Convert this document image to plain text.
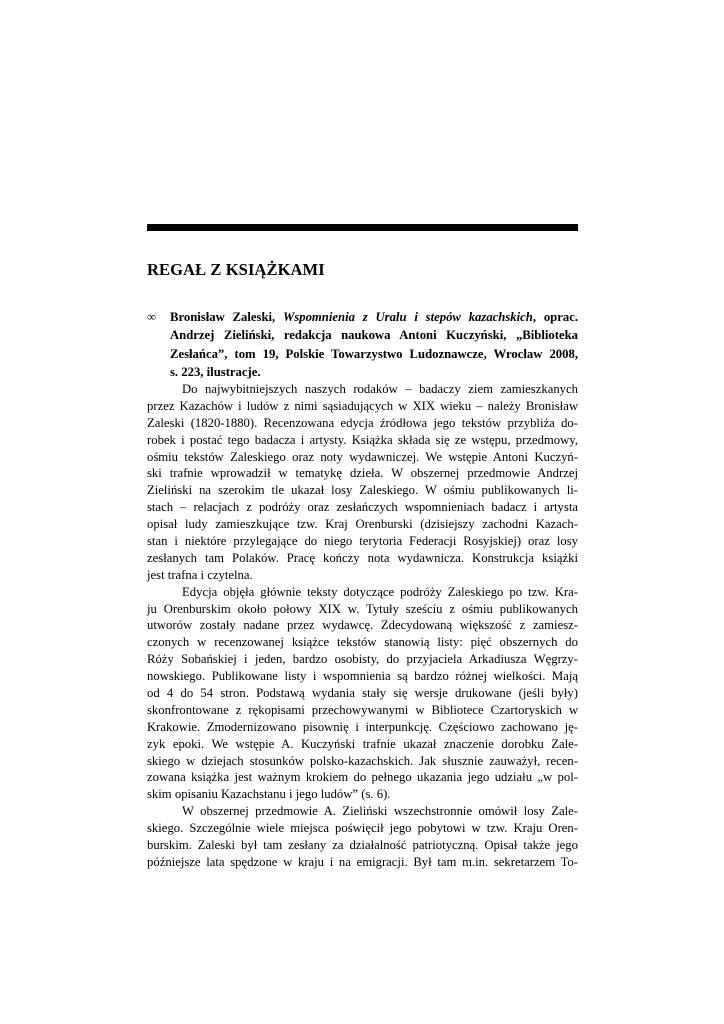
REGAŁ Z KSIĄŻKAMI
∞ Bronisław Zaleski, Wspomnienia z Uralu i stepów kazachskich, oprac.
Andrzej Zieliński, redakcja naukowa Antoni Kuczyński, „Biblioteka
Zesłańca”, tom 19, Polskie Towarzystwo Ludoznawcze, Wrocław 2008,
s. 223, ilustracje.
Do najwybitniejszych naszych rodaków – badaczy ziem zamieszkanych
przez Kazachów i ludów z nimi sąsiadujących w XIX wieku – należy Bronisław
Zaleski (1820-1880). Recenzowana edycja źródłowa jego tekstów przybliża do-
robek i postać tego badacza i artysty. Książka składa się ze wstępu, przedmowy,
ośmiu tekstów Zaleskiego oraz noty wydawniczej. We wstępie Antoni Kuczyń-
ski trafnie wprowadził w tematykę dzieła. W obszernej przedmowie Andrzej
Zieliński na szerokim tle ukazał losy Zaleskiego. W ośmiu publikowanych li-
stach – relacjach z podróży oraz zesłańczych wspomnieniach badacz i artysta
opisał ludy zamieszkujące tzw. Kraj Orenburski (dzisiejszy zachodni Kazach-
stan i niektóre przylegające do niego terytoria Federacji Rosyjskiej) oraz losy
zesłanych tam Polaków. Pracę kończy nota wydawnicza. Konstrukcja książki
jest trafna i czytelna.
Edycja objęła głównie teksty dotyczące podróży Zaleskiego po tzw. Kra-
ju Orenburskim około połowy XIX w. Tytuły sześciu z ośmiu publikowanych
utworów zostały nadane przez wydawcę. Zdecydowaną większość z zamiesz-
czonych w recenzowanej książce tekstów stanowią listy: pięć obszernych do
Róży Sobańskiej i jeden, bardzo osobisty, do przyjaciela Arkadiusza Węgrzy-
nowskiego. Publikowane listy i wspomnienia są bardzo różnej wielkości. Mają
od 4 do 54 stron. Podstawą wydania stały się wersje drukowane (jeśli były)
skonfrontowane z rękopisami przechowywanymi w Bibliotece Czartoryskich w
Krakowie. Zmodernizowano pisownię i interpunkcję. Częściowo zachowano ję-
zyk epoki. We wstępie A. Kuczyński trafnie ukazał znaczenie dorobku Zale-
skiego w dziejach stosunków polsko-kazachskich. Jak słusznie zauważył, recen-
zowana książka jest ważnym krokiem do pełnego ukazania jego udziału „w pol-
skim opisaniu Kazachstanu i jego ludów” (s. 6).
W obszernej przedmowie A. Zieliński wszechstronnie omówił losy Zale-
skiego. Szczególnie wiele miejsca poświęcił jego pobytowi w tzw. Kraju Oren-
burskim. Zaleski był tam zesłany za działalność patriotyczną. Opisał także jego
późniejsze lata spędzone w kraju i na emigracji. Był tam m.in. sekretarzem To-
